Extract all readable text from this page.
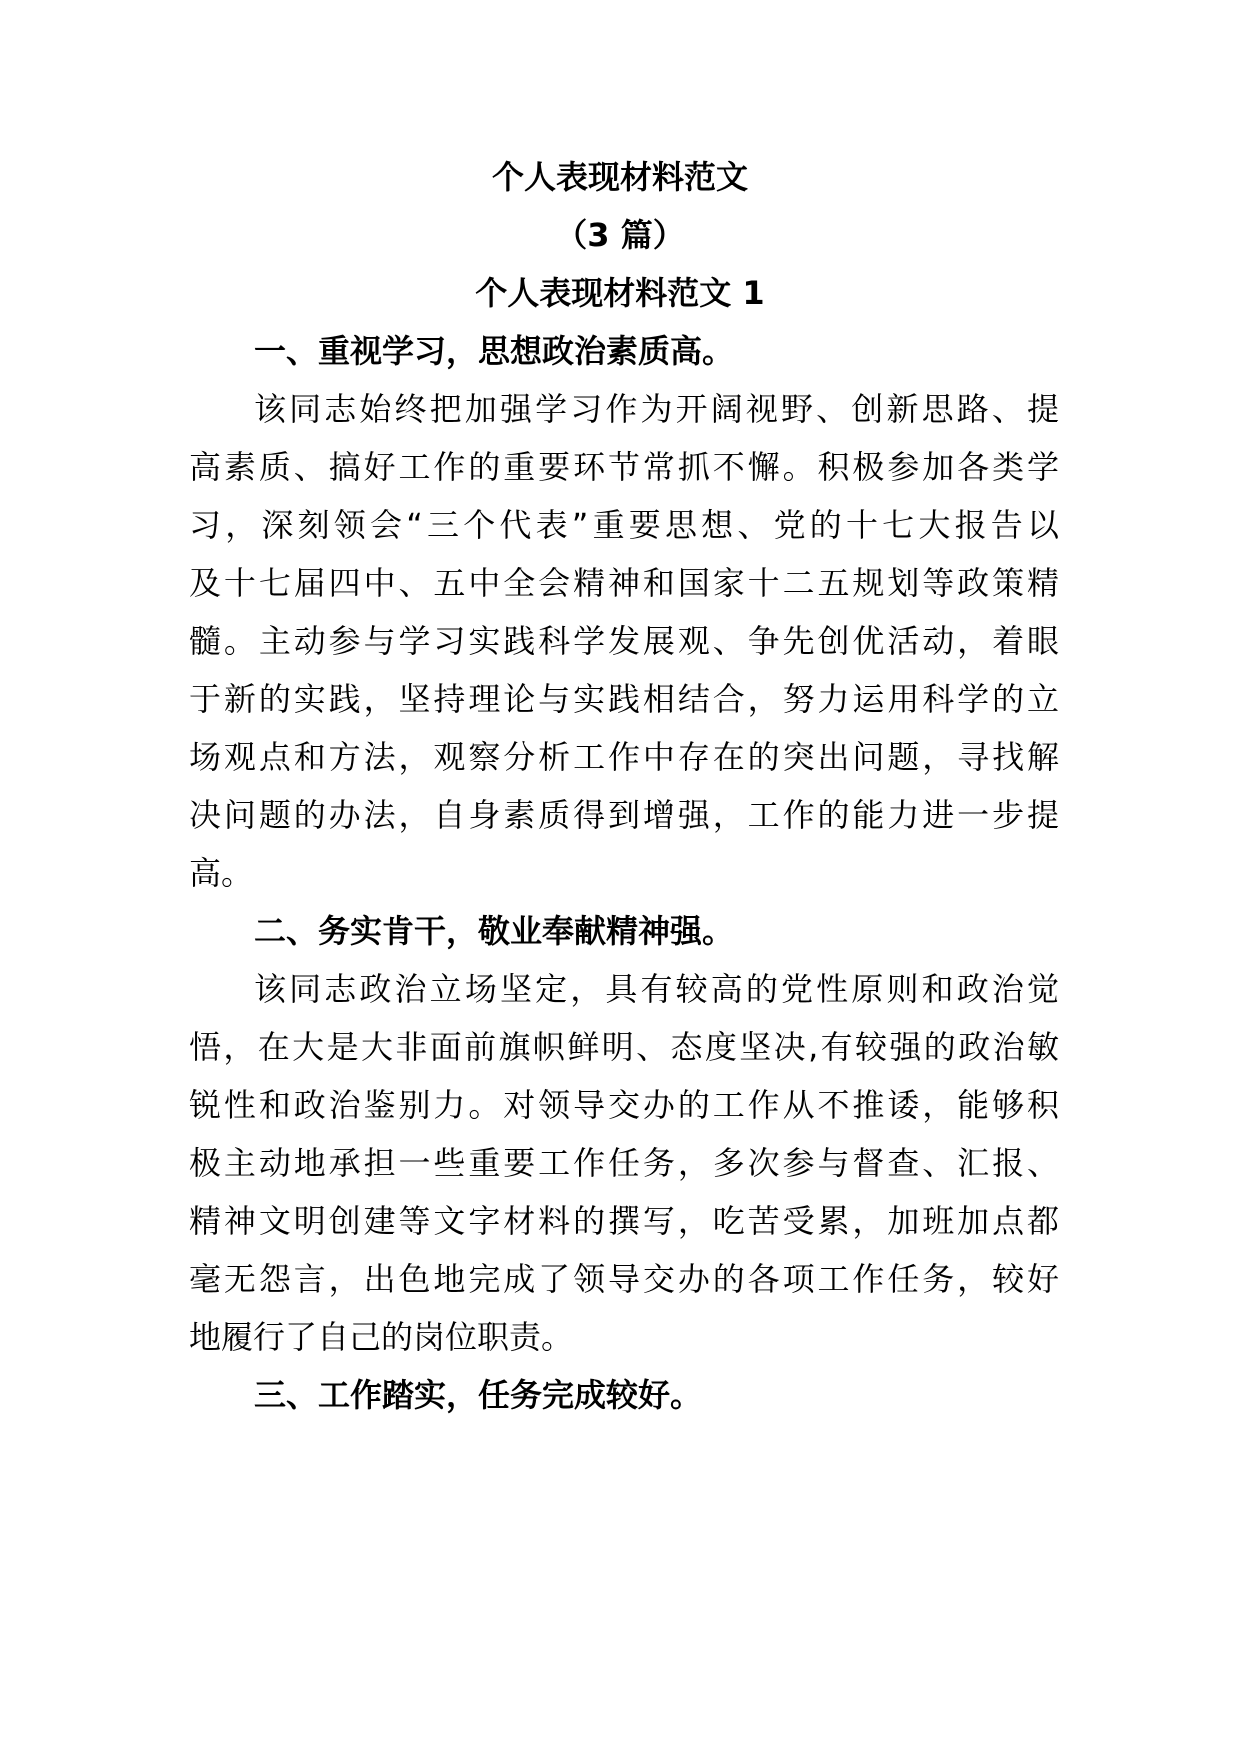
个人表现材料范文
（3 篇）
个人表现材料范文 1
一、重视学习，思想政治素质高。
该同志始终把加强学习作为开阔视野、创新思路、提
高素质、搞好工作的重要环节常抓不懈。积极参加各类学
习，深刻领会“三个代表”重要思想、党的十七大报告以
及十七届四中、五中全会精神和国家十二五规划等政策精
髓。主动参与学习实践科学发展观、争先创优活动，着眼
于新的实践，坚持理论与实践相结合，努力运用科学的立
场观点和方法，观察分析工作中存在的突出问题，寻找解
决问题的办法，自身素质得到增强，工作的能力进一步提
高。
二、务实肯干，敬业奉献精神强。
该同志政治立场坚定，具有较高的党性原则和政治觉
悟，在大是大非面前旗帜鲜明、态度坚决,有较强的政治敏
锐性和政治鉴别力。对领导交办的工作从不推诿，能够积
极主动地承担一些重要工作任务，多次参与督查、汇报、
精神文明创建等文字材料的撰写，吃苦受累，加班加点都
毫无怨言，出色地完成了领导交办的各项工作任务，较好
地履行了自己的岗位职责。
三、工作踏实，任务完成较好。
